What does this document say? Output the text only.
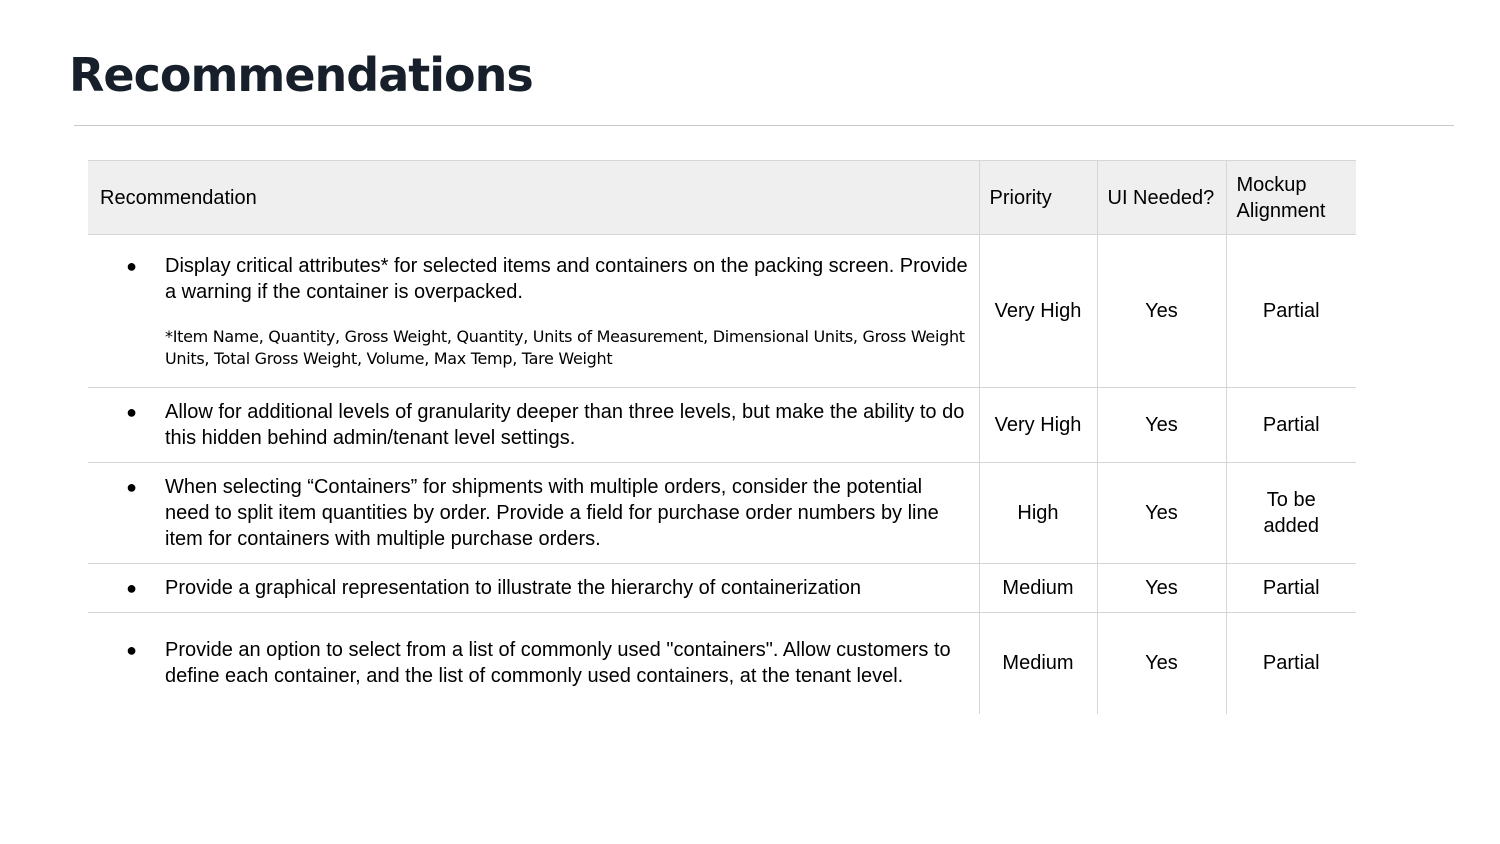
Recommendations
Recommendation	Priority	UI Needed?	Mockup Alignment

● Display critical attributes* for selected items and containers on the packing screen. Provide a warning if the container is overpacked.
*Item Name, Quantity, Gross Weight, Quantity, Units of Measurement, Dimensional Units, Gross Weight Units, Total Gross Weight, Volume, Max Temp, Tare Weight	Very High	Yes	Partial

● Allow for additional levels of granularity deeper than three levels, but make the ability to do this hidden behind admin/tenant level settings.	Very High	Yes	Partial

● When selecting “Containers” for shipments with multiple orders, consider the potential need to split item quantities by order. Provide a field for purchase order numbers by line item for containers with multiple purchase orders.	High	Yes	To be added

● Provide a graphical representation to illustrate the hierarchy of containerization	Medium	Yes	Partial

● Provide an option to select from a list of commonly used "containers". Allow customers to define each container, and the list of commonly used containers, at the tenant level.	Medium	Yes	Partial
